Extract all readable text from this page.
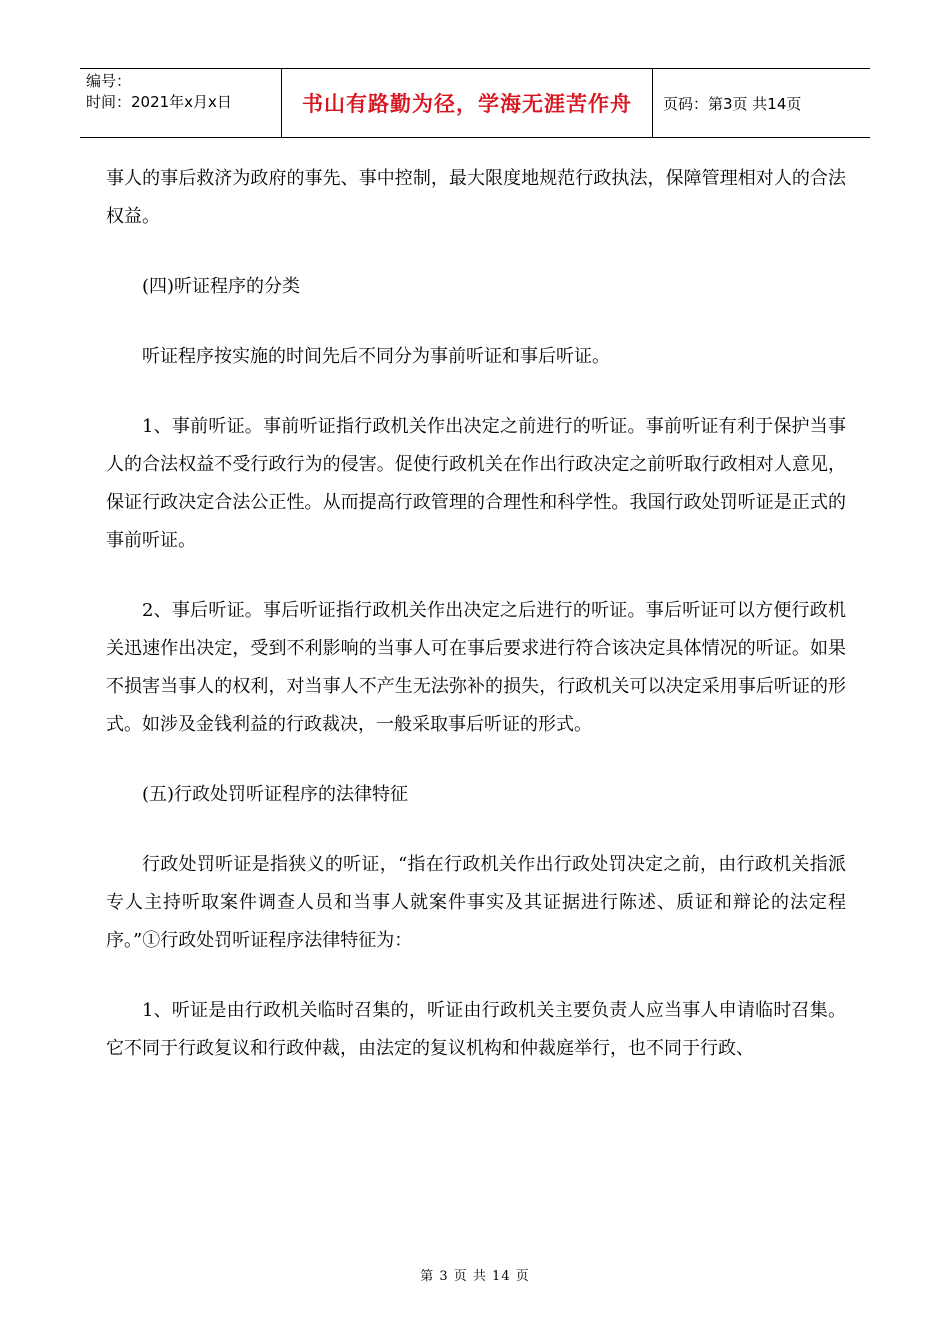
编号：
时间：2021年x月x日	书山有路勤为径，学海无涯苦作舟 页码：第3页 共14页

事人的事后救济为政府的事先、事中控制，最大限度地规范行政执法，保障管理相对人的合法权益。

(四)听证程序的分类

听证程序按实施的时间先后不同分为事前听证和事后听证。

1、事前听证。事前听证指行政机关作出决定之前进行的听证。事前听证有利于保护当事人的合法权益不受行政行为的侵害。促使行政机关在作出行政决定之前听取行政相对人意见，保证行政决定合法公正性。从而提高行政管理的合理性和科学性。我国行政处罚听证是正式的事前听证。

2、事后听证。事后听证指行政机关作出决定之后进行的听证。事后听证可以方便行政机关迅速作出决定，受到不利影响的当事人可在事后要求进行符合该决定具体情况的听证。如果不损害当事人的权利，对当事人不产生无法弥补的损失，行政机关可以决定采用事后听证的形式。如涉及金钱利益的行政裁决，一般采取事后听证的形式。

(五)行政处罚听证程序的法律特征

行政处罚听证是指狭义的听证，“指在行政机关作出行政处罚决定之前，由行政机关指派专人主持听取案件调查人员和当事人就案件事实及其证据进行陈述、质证和辩论的法定程序。”①行政处罚听证程序法律特征为：

1、听证是由行政机关临时召集的，听证由行政机关主要负责人应当事人申请临时召集。它不同于行政复议和行政仲裁，由法定的复议机构和仲裁庭举行，也不同于行政、

第 3 页 共 14 页
